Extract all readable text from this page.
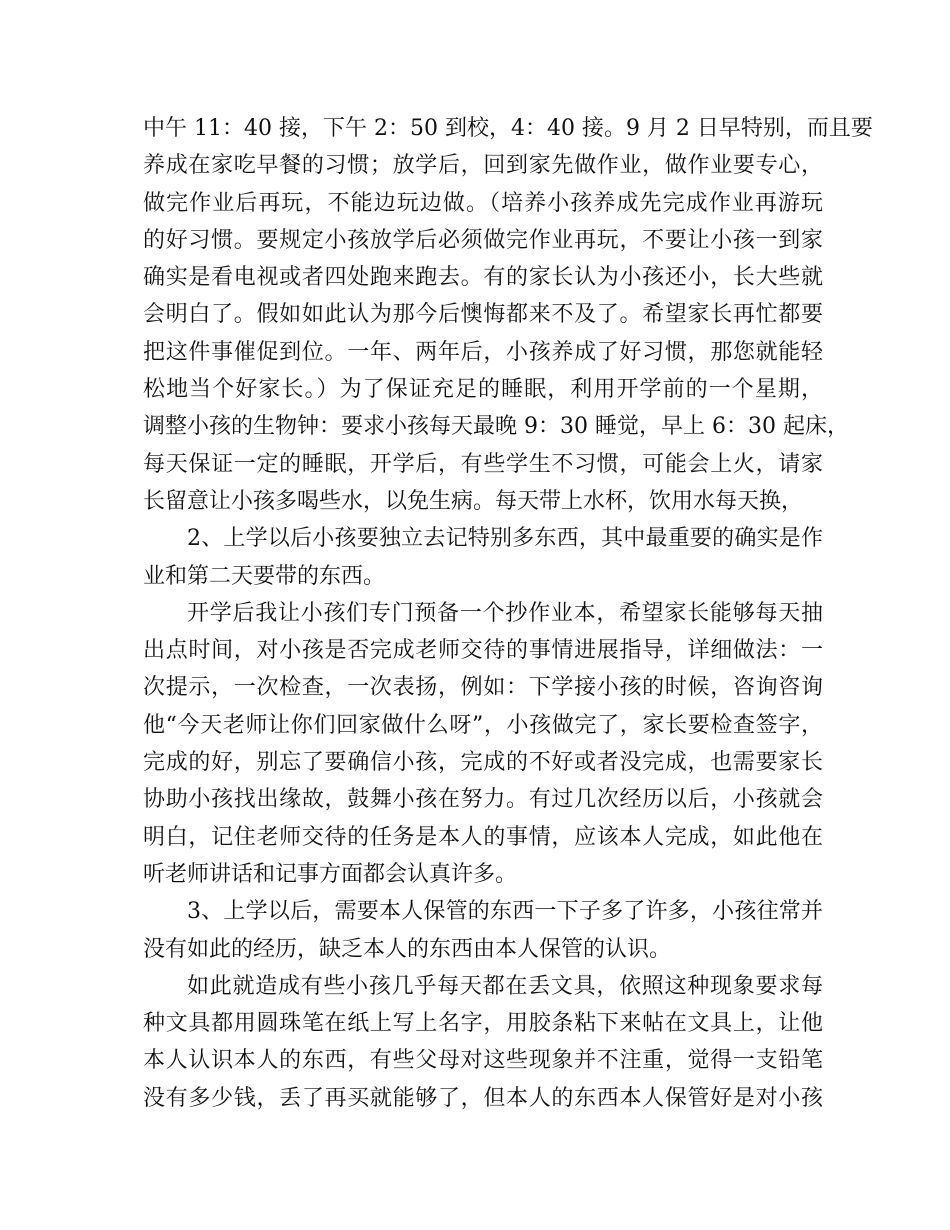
中午 11：40 接，下午 2：50 到校，4：40 接。9 月 2 日早特别，而且要
养成在家吃早餐的习惯；放学后，回到家先做作业，做作业要专心，
做完作业后再玩，不能边玩边做。（培养小孩养成先完成作业再游玩
的好习惯。要规定小孩放学后必须做完作业再玩，不要让小孩一到家
确实是看电视或者四处跑来跑去。有的家长认为小孩还小，长大些就
会明白了。假如如此认为那今后懊悔都来不及了。希望家长再忙都要
把这件事催促到位。一年、两年后，小孩养成了好习惯，那您就能轻
松地当个好家长。）为了保证充足的睡眠，利用开学前的一个星期，
调整小孩的生物钟：要求小孩每天最晚 9：30 睡觉，早上 6：30 起床，
每天保证一定的睡眠，开学后，有些学生不习惯，可能会上火，请家
长留意让小孩多喝些水，以免生病。每天带上水杯，饮用水每天换，
2、上学以后小孩要独立去记特别多东西，其中最重要的确实是作
业和第二天要带的东西。
开学后我让小孩们专门预备一个抄作业本，希望家长能够每天抽
出点时间，对小孩是否完成老师交待的事情进展指导，详细做法：一
次提示，一次检查，一次表扬，例如：下学接小孩的时候，咨询咨询
他“今天老师让你们回家做什么呀”，小孩做完了，家长要检查签字，
完成的好，别忘了要确信小孩，完成的不好或者没完成，也需要家长
协助小孩找出缘故，鼓舞小孩在努力。有过几次经历以后，小孩就会
明白，记住老师交待的任务是本人的事情，应该本人完成，如此他在
听老师讲话和记事方面都会认真许多。
3、上学以后，需要本人保管的东西一下子多了许多，小孩往常并
没有如此的经历，缺乏本人的东西由本人保管的认识。
如此就造成有些小孩几乎每天都在丢文具，依照这种现象要求每
种文具都用圆珠笔在纸上写上名字，用胶条粘下来帖在文具上，让他
本人认识本人的东西，有些父母对这些现象并不注重，觉得一支铅笔
没有多少钱，丢了再买就能够了，但本人的东西本人保管好是对小孩
